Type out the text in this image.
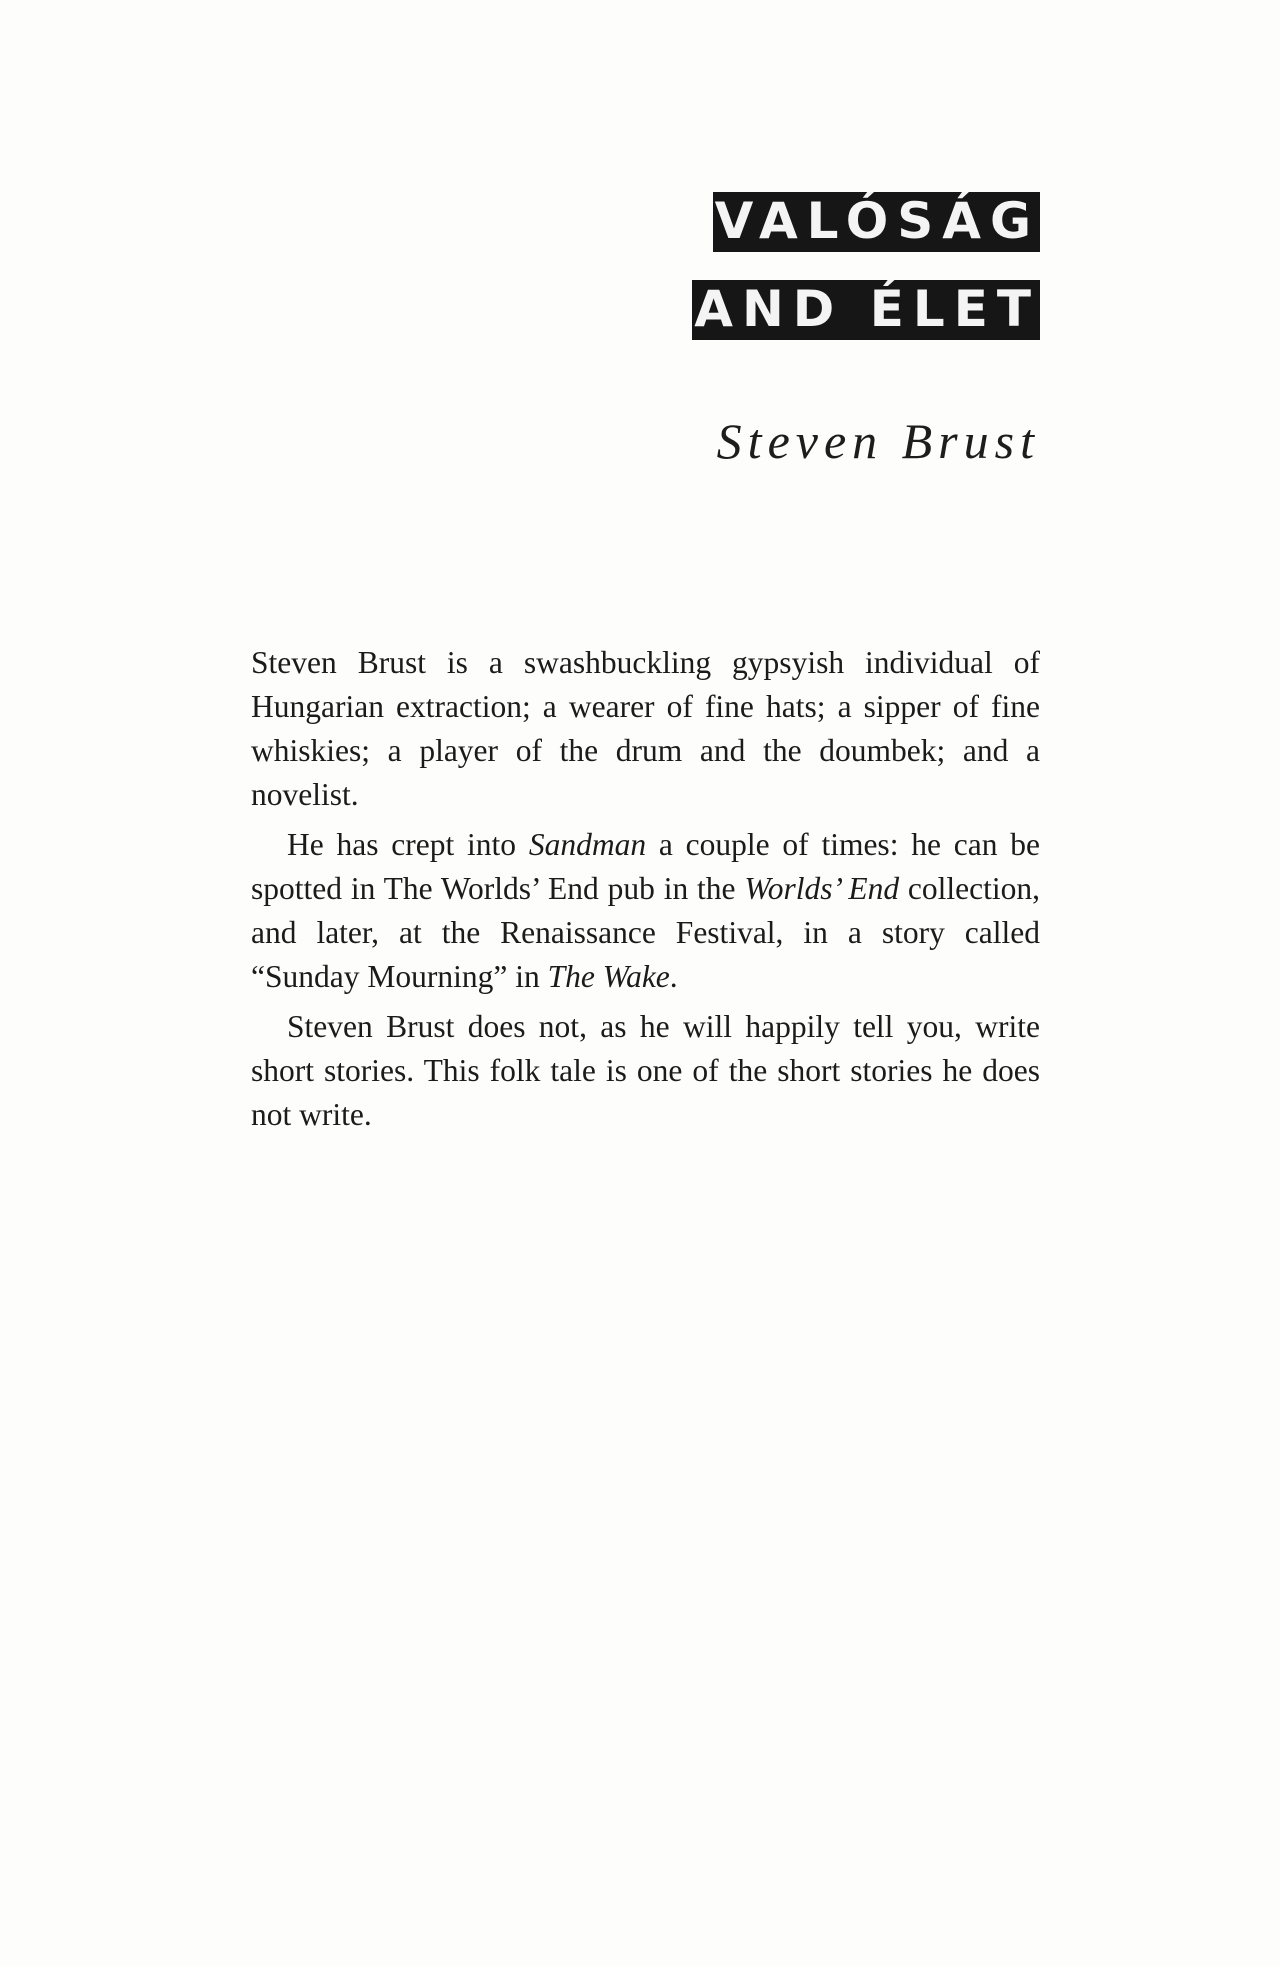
VALÓSÁG
AND ÉLET
Steven Brust

Steven Brust is a swashbuckling gypsyish individual of Hungarian extraction; a wearer of fine hats; a sipper of fine whiskies; a player of the drum and the doumbek; and a novelist.

He has crept into Sandman a couple of times: he can be spotted in The Worlds’ End pub in the Worlds’ End collection, and later, at the Renaissance Festival, in a story called “Sunday Mourning” in The Wake.

Steven Brust does not, as he will happily tell you, write short stories. This folk tale is one of the short stories he does not write.
